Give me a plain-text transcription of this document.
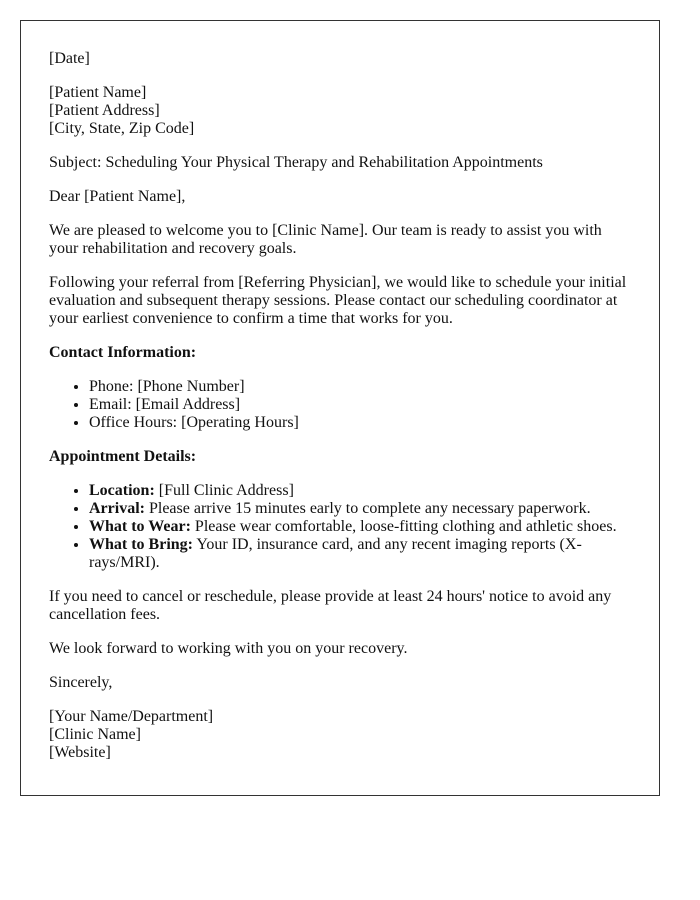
[Date]

[Patient Name]
[Patient Address]
[City, State, Zip Code]

Subject: Scheduling Your Physical Therapy and Rehabilitation Appointments

Dear [Patient Name],

We are pleased to welcome you to [Clinic Name]. Our team is ready to assist you with your rehabilitation and recovery goals.

Following your referral from [Referring Physician], we would like to schedule your initial evaluation and subsequent therapy sessions. Please contact our scheduling coordinator at your earliest convenience to confirm a time that works for you.

Contact Information:

• Phone: [Phone Number]
• Email: [Email Address]
• Office Hours: [Operating Hours]

Appointment Details:

• Location: [Full Clinic Address]
• Arrival: Please arrive 15 minutes early to complete any necessary paperwork.
• What to Wear: Please wear comfortable, loose-fitting clothing and athletic shoes.
• What to Bring: Your ID, insurance card, and any recent imaging reports (X-rays/MRI).

If you need to cancel or reschedule, please provide at least 24 hours' notice to avoid any cancellation fees.

We look forward to working with you on your recovery.

Sincerely,

[Your Name/Department]
[Clinic Name]
[Website]
